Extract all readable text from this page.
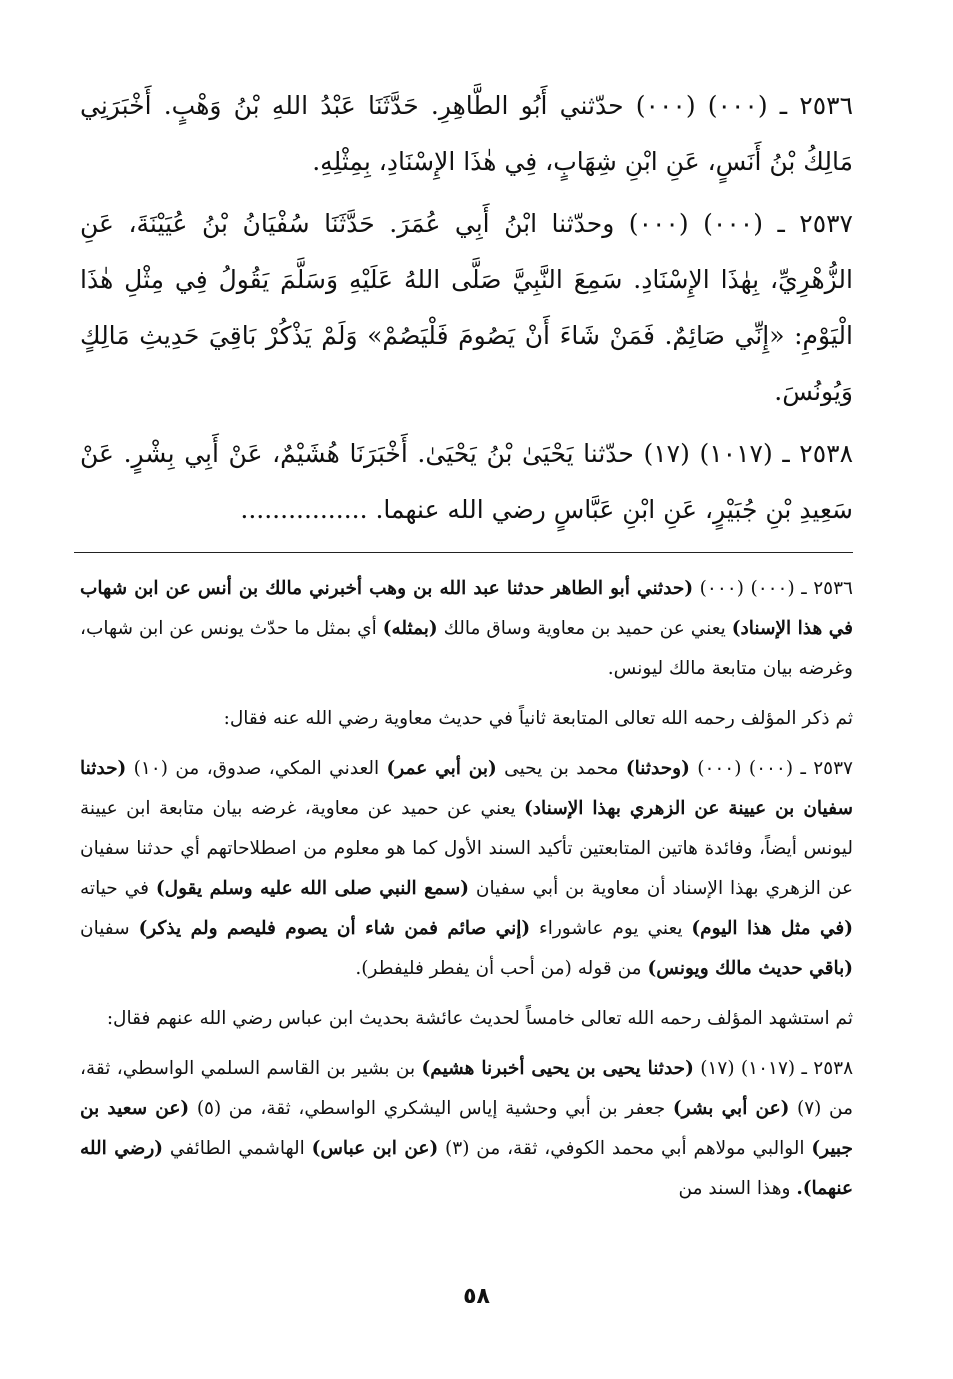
٢٥٣٦ ـ (٠٠٠) (٠٠٠) حدّثني أَبُو الطَّاهِرِ. حَدَّثَنَا عَبْدُ اللهِ بْنُ وَهْبٍ. أَخْبَرَنِي مَالِكُ بْنُ أَنَسٍ، عَنِ ابْنِ شِهَابٍ، فِي هٰذَا الإِسْنَادِ، بِمِثْلِهِ.

٢٥٣٧ ـ (٠٠٠) (٠٠٠) وحدّثنا ابْنُ أَبِي عُمَرَ. حَدَّثَنَا سُفْيَانُ بْنُ عُيَيْنَةَ، عَنِ الزُّهْرِيِّ، بِهٰذَا الإِسْنَادِ. سَمِعَ النَّبِيَّ صَلَّى اللهُ عَلَيْهِ وَسَلَّمَ يَقُولُ فِي مِثْلِ هٰذَا الْيَوْمِ: «إِنِّي صَائِمٌ. فَمَنْ شَاءَ أَنْ يَصُومَ فَلْيَصُمْ» وَلَمْ يَذْكُرْ بَاقِيَ حَدِيثِ مَالِكٍ وَيُونُسَ.

٢٥٣٨ ـ (١٠١٧) (١٧) حدّثنا يَحْيَىٰ بْنُ يَحْيَىٰ. أَخْبَرَنَا هُشَيْمٌ، عَنْ أَبِي بِشْرٍ. عَنْ سَعِيدِ بْنِ جُبَيْرٍ، عَنِ ابْنِ عَبَّاسٍ رضي الله عنهما. ................

٢٥٣٦ ـ (٠٠٠) (٠٠٠) (حدثني أبو الطاهر حدثنا عبد الله بن وهب أخبرني مالك بن أنس عن ابن شهاب في هذا الإسناد) يعني عن حميد بن معاوية وساق مالك (بمثله) أي بمثل ما حدّث يونس عن ابن شهاب، وغرضه بيان متابعة مالك ليونس.

ثم ذكر المؤلف رحمه الله تعالى المتابعة ثانياً في حديث معاوية رضي الله عنه فقال:

٢٥٣٧ ـ (٠٠٠) (٠٠٠) (وحدثنا) محمد بن يحيى (بن أبي عمر) العدني المكي، صدوق، من (١٠) (حدثنا سفيان بن عيينة عن الزهري بهذا الإسناد) يعني عن حميد عن معاوية، غرضه بيان متابعة ابن عيينة ليونس أيضاً، وفائدة هاتين المتابعتين تأكيد السند الأول كما هو معلوم من اصطلاحاتهم أي حدثنا سفيان عن الزهري بهذا الإسناد أن معاوية بن أبي سفيان (سمع النبي صلى الله عليه وسلم يقول) في حياته (في مثل هذا اليوم) يعني يوم عاشوراء (إني صائم فمن شاء أن يصوم فليصم ولم يذكر) سفيان (باقي حديث مالك ويونس) من قوله (من أحب أن يفطر فليفطر).

ثم استشهد المؤلف رحمه الله تعالى خامساً لحديث عائشة بحديث ابن عباس رضي الله عنهم فقال:

٢٥٣٨ ـ (١٠١٧) (١٧) (حدثنا يحيى بن يحيى أخبرنا هشيم) بن بشير بن القاسم السلمي الواسطي، ثقة، من (٧) (عن أبي بشر) جعفر بن أبي وحشية إياس اليشكري الواسطي، ثقة، من (٥) (عن سعيد بن جبير) الوالبي مولاهم أبي محمد الكوفي، ثقة، من (٣) (عن ابن عباس) الهاشمي الطائفي (رضي الله عنهما). وهذا السند من

٥٨
